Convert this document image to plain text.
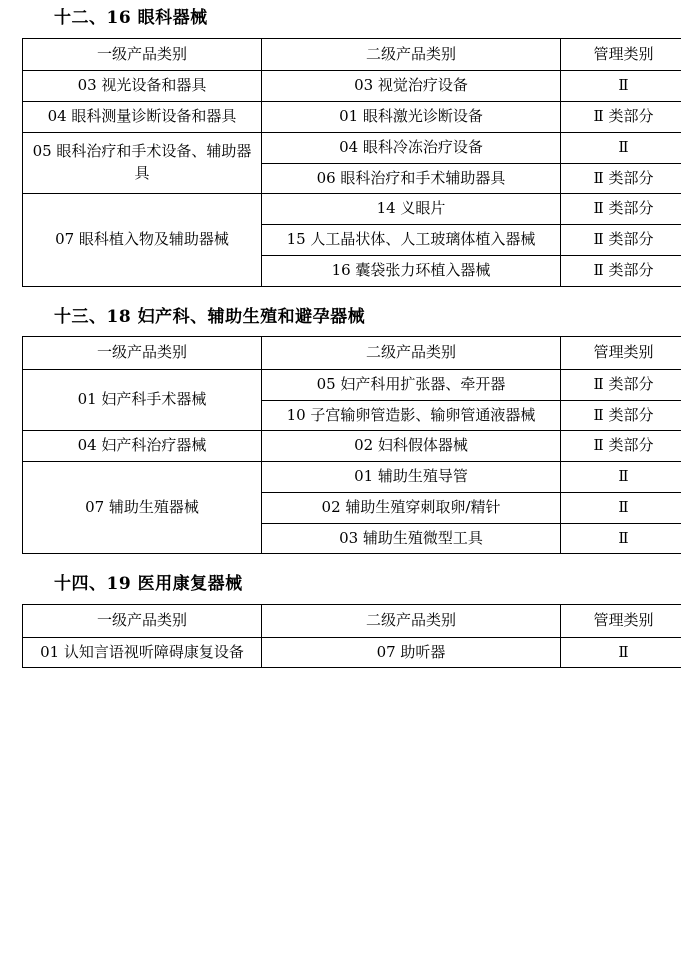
十二、16 眼科器械
一级产品类别	二级产品类别	管理类别
03 视光设备和器具	03 视觉治疗设备	Ⅱ
04 眼科测量诊断设备和器具	01 眼科激光诊断设备	Ⅱ 类部分
05 眼科治疗和手术设备、辅助器具	04 眼科冷冻治疗设备	Ⅱ
	06 眼科治疗和手术辅助器具	Ⅱ 类部分
07 眼科植入物及辅助器械	14 义眼片	Ⅱ 类部分
	15 人工晶状体、人工玻璃体植入器械	Ⅱ 类部分
	16 囊袋张力环植入器械	Ⅱ 类部分
十三、18 妇产科、辅助生殖和避孕器械
一级产品类别	二级产品类别	管理类别
01 妇产科手术器械	05 妇产科用扩张器、牵开器	Ⅱ 类部分
	10 子宫输卵管造影、输卵管通液器械	Ⅱ 类部分
04 妇产科治疗器械	02 妇科假体器械	Ⅱ 类部分
07 辅助生殖器械	01 辅助生殖导管	Ⅱ
	02 辅助生殖穿刺取卵/精针	Ⅱ
	03 辅助生殖微型工具	Ⅱ
十四、19 医用康复器械
一级产品类别	二级产品类别	管理类别
01 认知言语视听障碍康复设备	07 助听器	Ⅱ
